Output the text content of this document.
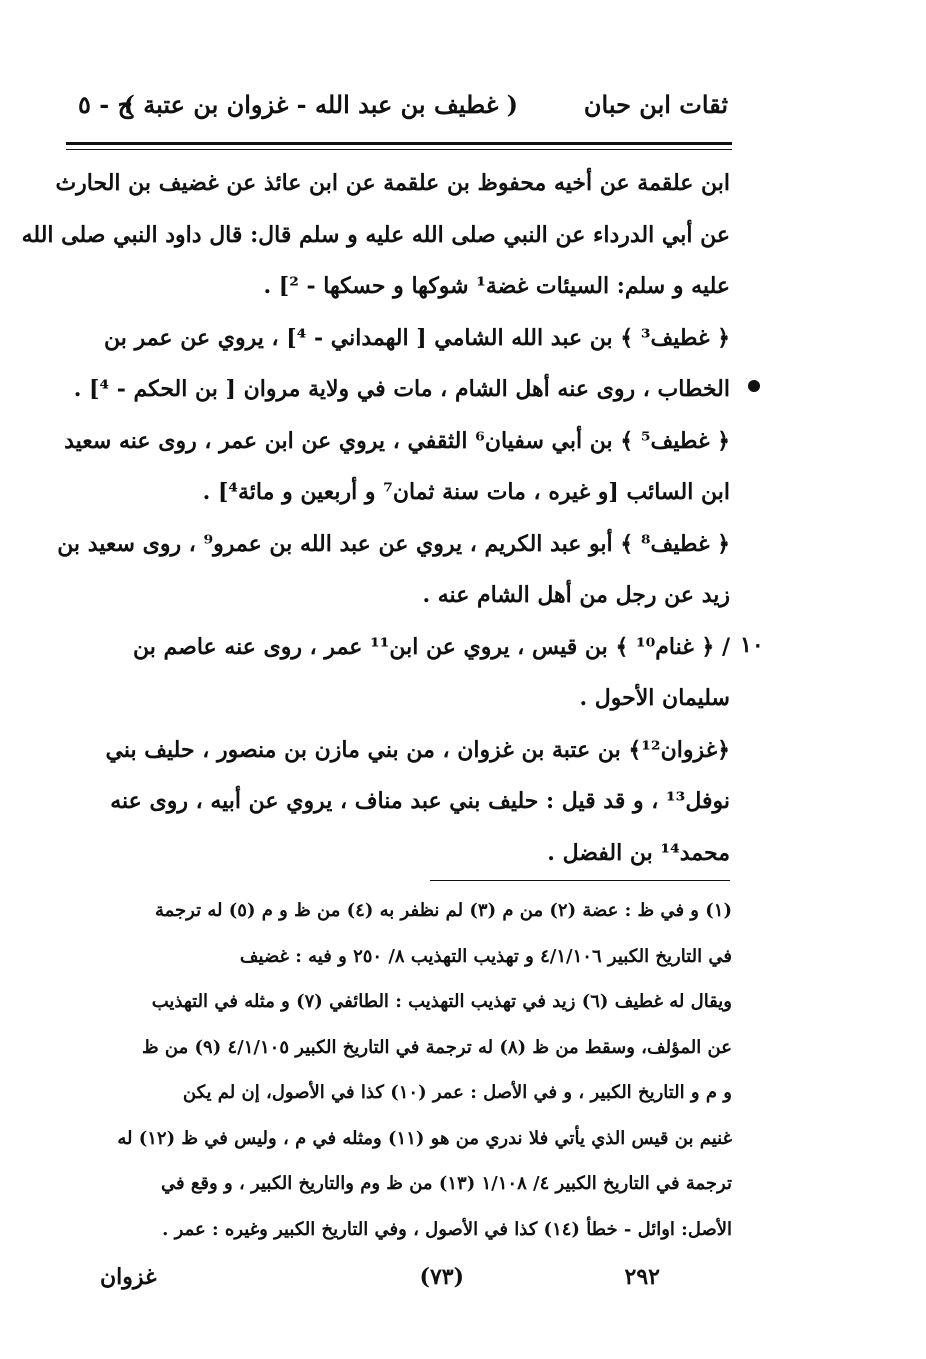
ثقات ابن حبان
( غطيف بن عبد الله - غزوان بن عتبة )
ج - ٥
١٠
ابن علقمة عن أخيه محفوظ بن علقمة عن ابن عائذ عن غضيف بن الحارث
عن أبي الدرداء عن النبي صلى الله عليه و سلم قال: قال داود النبي صلى الله
عليه و سلم: السيئات غضة¹ شوكها و حسكها - ²] .
﴿ غطيف³ ﴾ بن عبد الله الشامي [ الهمداني - ⁴] ، يروي عن عمر بن
الخطاب ، روى عنه أهل الشام ، مات في ولاية مروان [ بن الحكم - ⁴] .
﴿ غطيف⁵ ﴾ بن أبي سفيان⁶ الثقفي ، يروي عن ابن عمر ، روى عنه سعيد
ابن السائب [و غيره ، مات سنة ثمان⁷ و أربعين و مائة⁴] .
﴿ غطيف⁸ ﴾ أبو عبد الكريم ، يروي عن عبد الله بن عمرو⁹ ، روى سعيد بن
زيد عن رجل من أهل الشام عنه .
/ ﴿ غنام¹⁰ ﴾ بن قيس ، يروي عن ابن¹¹ عمر ، روى عنه عاصم بن
سليمان الأحول .
﴿غزوان¹²﴾ بن عتبة بن غزوان ، من بني مازن بن منصور ، حليف بني
نوفل¹³ ، و قد قيل : حليف بني عبد مناف ، يروي عن أبيه ، روى عنه
محمد¹⁴ بن الفضل .
(١) و في ظ : عضة (٢) من م (٣) لم نظفر به (٤) من ظ و م (٥) له ترجمة
في التاريخ الكبير ٤/١/١٠٦ و تهذيب التهذيب ٨/ ٢٥٠ و فيه : غضيف
ويقال له غطيف (٦) زيد في تهذيب التهذيب : الطائفي (٧) و مثله في التهذيب
عن المؤلف، وسقط من ظ (٨) له ترجمة في التاريخ الكبير ٤/١/١٠٥ (٩) من ظ
و م و التاريخ الكبير ، و في الأصل : عمر (١٠) كذا في الأصول، إن لم يكن
غنيم بن قيس الذي يأتي فلا ندري من هو (١١) ومثله في م ، وليس في ظ (١٢) له
ترجمة في التاريخ الكبير ٤/ ١/١٠٨ (١٣) من ظ وم والتاريخ الكبير ، و وقع في
الأصل: اوائل - خطأ (١٤) كذا في الأصول ، وفي التاريخ الكبير وغيره : عمر .
٢٩٢
(٧٣)
غزوان
